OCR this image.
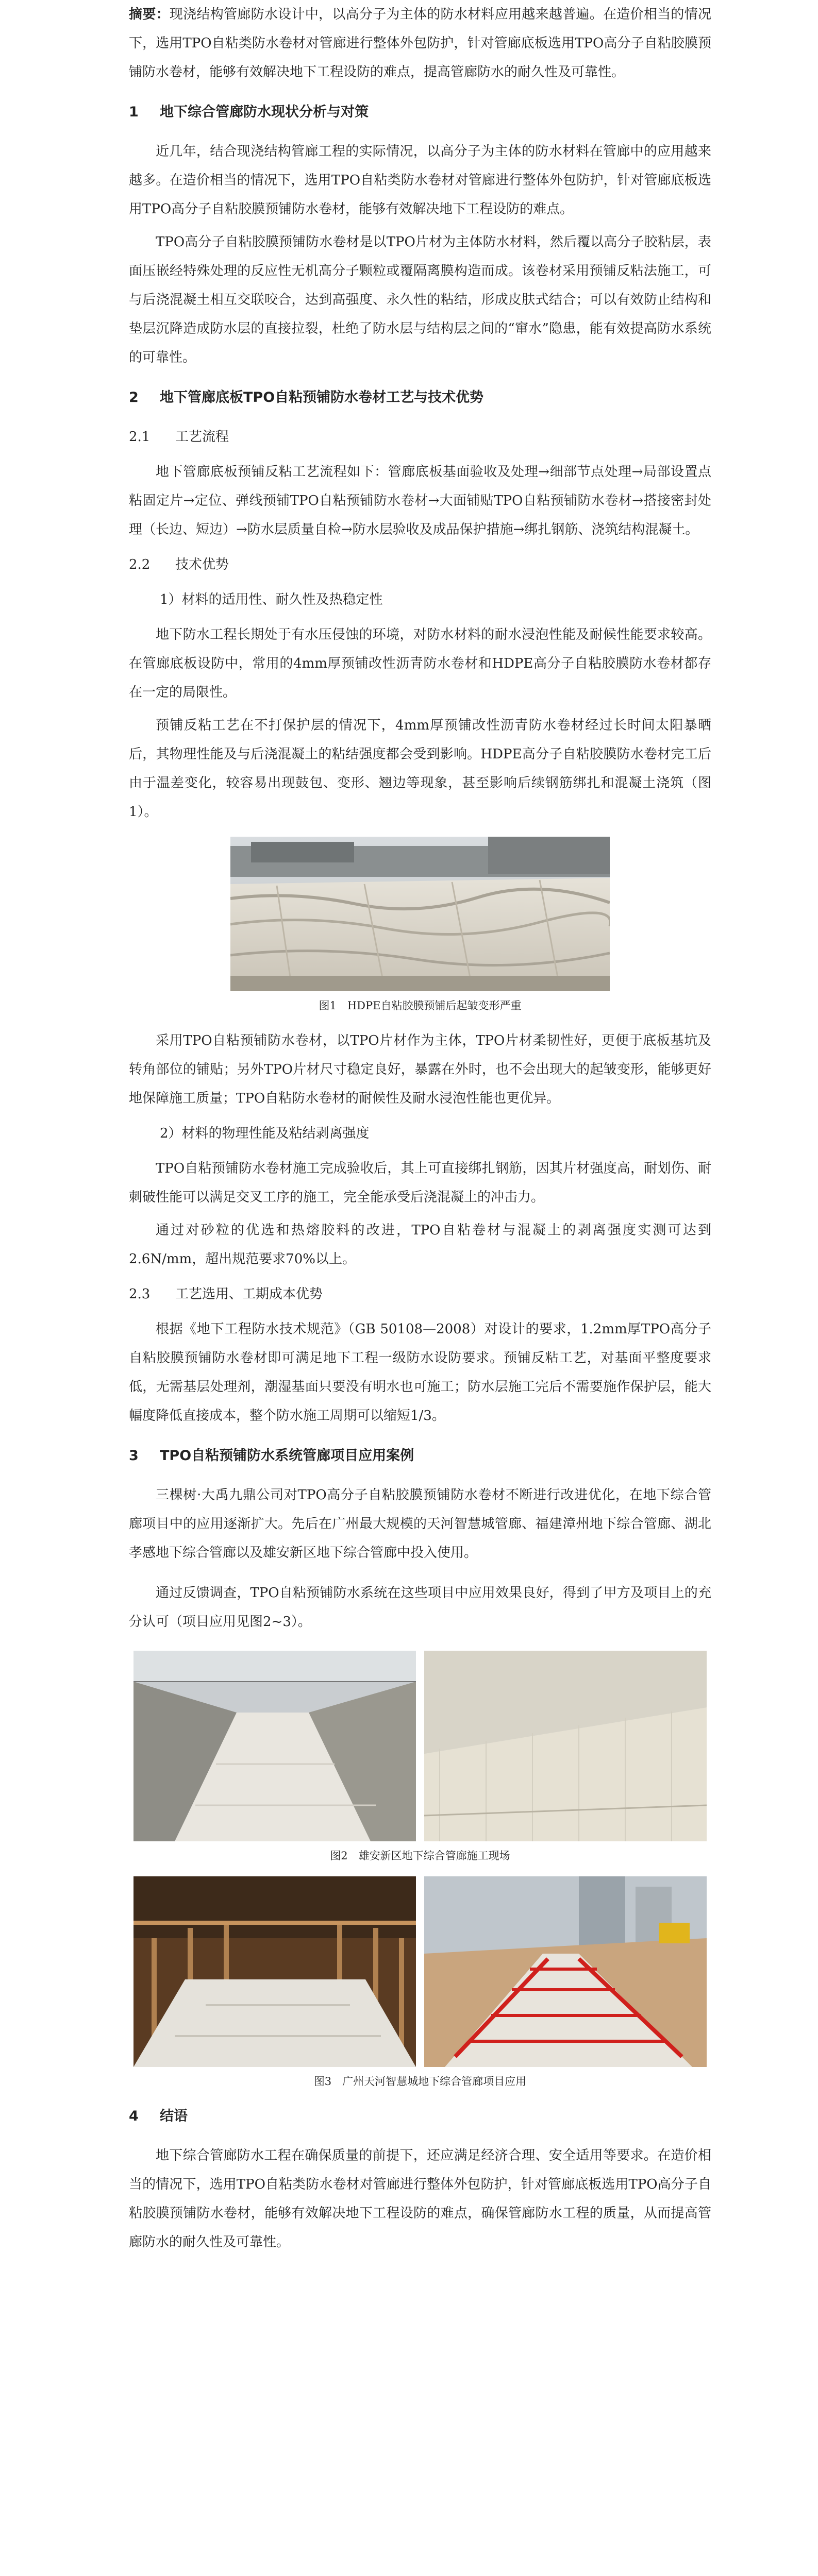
摘要：现浇结构管廊防水设计中，以高分子为主体的防水材料应用越来越普遍。在造价相当的情况下，选用TPO自粘类防水卷材对管廊进行整体外包防护，针对管廊底板选用TPO高分子自粘胶膜预铺防水卷材，能够有效解决地下工程设防的难点，提高管廊防水的耐久性及可靠性。

1 地下综合管廊防水现状分析与对策

近几年，结合现浇结构管廊工程的实际情况，以高分子为主体的防水材料在管廊中的应用越来越多。在造价相当的情况下，选用TPO自粘类防水卷材对管廊进行整体外包防护，针对管廊底板选用TPO高分子自粘胶膜预铺防水卷材，能够有效解决地下工程设防的难点。

TPO高分子自粘胶膜预铺防水卷材是以TPO片材为主体防水材料，然后覆以高分子胶粘层，表面压嵌经特殊处理的反应性无机高分子颗粒或覆隔离膜构造而成。该卷材采用预铺反粘法施工，可与后浇混凝土相互交联咬合，达到高强度、永久性的粘结，形成皮肤式结合；可以有效防止结构和垫层沉降造成防水层的直接拉裂，杜绝了防水层与结构层之间的“窜水”隐患，能有效提高防水系统的可靠性。

2 地下管廊底板TPO自粘预铺防水卷材工艺与技术优势
2.1 工艺流程

地下管廊底板预铺反粘工艺流程如下：管廊底板基面验收及处理→细部节点处理→局部设置点粘固定片→定位、弹线预铺TPO自粘预铺防水卷材→大面铺贴TPO自粘预铺防水卷材→搭接密封处理（长边、短边）→防水层质量自检→防水层验收及成品保护措施→绑扎钢筋、浇筑结构混凝土。

2.2 技术优势
1）材料的适用性、耐久性及热稳定性

地下防水工程长期处于有水压侵蚀的环境，对防水材料的耐水浸泡性能及耐候性能要求较高。在管廊底板设防中，常用的4mm厚预铺改性沥青防水卷材和HDPE高分子自粘胶膜防水卷材都存在一定的局限性。

预铺反粘工艺在不打保护层的情况下，4mm厚预铺改性沥青防水卷材经过长时间太阳暴晒后，其物理性能及与后浇混凝土的粘结强度都会受到影响。HDPE高分子自粘胶膜防水卷材完工后由于温差变化，较容易出现鼓包、变形、翘边等现象，甚至影响后续钢筋绑扎和混凝土浇筑（图1）。

图1　HDPE自粘胶膜预铺后起皱变形严重

采用TPO自粘预铺防水卷材，以TPO片材作为主体，TPO片材柔韧性好，更便于底板基坑及转角部位的铺贴；另外TPO片材尺寸稳定良好，暴露在外时，也不会出现大的起皱变形，能够更好地保障施工质量；TPO自粘防水卷材的耐候性及耐水浸泡性能也更优异。

2）材料的物理性能及粘结剥离强度

TPO自粘预铺防水卷材施工完成验收后，其上可直接绑扎钢筋，因其片材强度高，耐划伤、耐刺破性能可以满足交叉工序的施工，完全能承受后浇混凝土的冲击力。

通过对砂粒的优选和热熔胶料的改进，TPO自粘卷材与混凝土的剥离强度实测可达到2.6N/mm，超出规范要求70%以上。

2.3 工艺选用、工期成本优势

根据《地下工程防水技术规范》（GB 50108—2008）对设计的要求，1.2mm厚TPO高分子自粘胶膜预铺防水卷材即可满足地下工程一级防水设防要求。预铺反粘工艺，对基面平整度要求低，无需基层处理剂，潮湿基面只要没有明水也可施工；防水层施工完后不需要施作保护层，能大幅度降低直接成本，整个防水施工周期可以缩短1/3。

3 TPO自粘预铺防水系统管廊项目应用案例

三棵树·大禹九鼎公司对TPO高分子自粘胶膜预铺防水卷材不断进行改进优化，在地下综合管廊项目中的应用逐渐扩大。先后在广州最大规模的天河智慧城管廊、福建漳州地下综合管廊、湖北孝感地下综合管廊以及雄安新区地下综合管廊中投入使用。

通过反馈调查，TPO自粘预铺防水系统在这些项目中应用效果良好，得到了甲方及项目上的充分认可（项目应用见图2~3）。

图2　雄安新区地下综合管廊施工现场
图3　广州天河智慧城地下综合管廊项目应用
4 结语

地下综合管廊防水工程在确保质量的前提下，还应满足经济合理、安全适用等要求。在造价相当的情况下，选用TPO自粘类防水卷材对管廊进行整体外包防护，针对管廊底板选用TPO高分子自粘胶膜预铺防水卷材，能够有效解决地下工程设防的难点，确保管廊防水工程的质量，从而提高管廊防水的耐久性及可靠性。
